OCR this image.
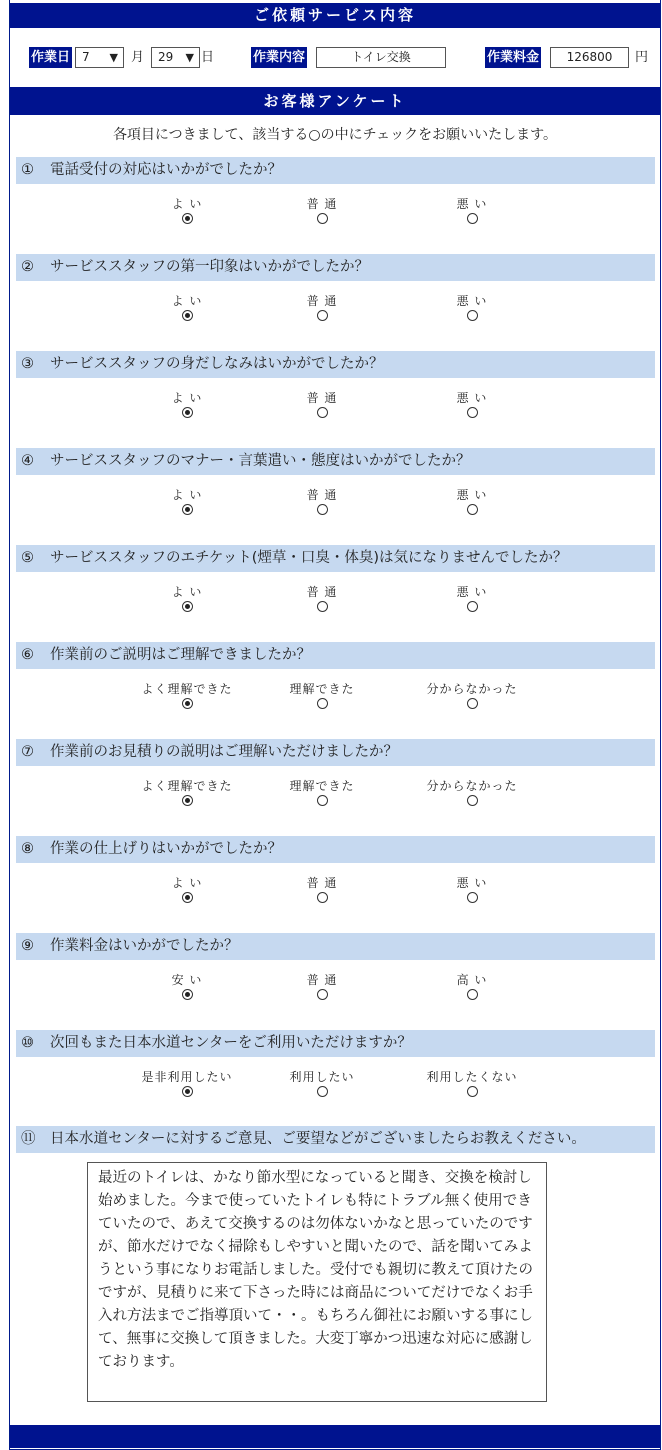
ご依頼サービス内容
作業日 7 ▼ 月	29 ▼ 日	作業内容	トイレ交換	作業料金	126800	円
お客様アンケート
各項目につきまして、該当する○の中にチェックをお願いいたします。
① 電話受付の対応はいかがでしたか？
よ い	普 通	悪 い
② サービススタッフの第一印象はいかがでしたか？
よ い	普 通	悪 い
③ サービススタッフの身だしなみはいかがでしたか？
よ い	普 通	悪 い
④ サービススタッフのマナー・言葉遣い・態度はいかがでしたか？
よ い	普 通	悪 い
⑤ サービススタッフのエチケット(煙草・口臭・体臭)は気になりませんでしたか？
よ い	普 通	悪 い
⑥ 作業前のご説明はご理解できましたか？
よく理解できた	理解できた	分からなかった
⑦ 作業前のお見積りの説明はご理解いただけましたか？
よく理解できた	理解できた	分からなかった
⑧ 作業の仕上げりはいかがでしたか？
よ い	普 通	悪 い
⑨ 作業料金はいかがでしたか？
安 い	普 通	高 い
⑩ 次回もまた日本水道センターをご利用いただけますか？
是非利用したい	利用したい	利用したくない
⑪ 日本水道センターに対するご意見、ご要望などがございましたらお教えください。
最近のトイレは、かなり節水型になっていると聞き、交換を検討し始めました。今まで使っていたトイレも特にトラブル無く使用できていたので、あえて交換するのは勿体ないかなと思っていたのですが、節水だけでなく掃除もしやすいと聞いたので、話を聞いてみようという事になりお電話しました。受付でも親切に教えて頂けたのですが、見積りに来て下さった時には商品についてだけでなくお手入れ方法までご指導頂いて・・。もちろん御社にお願いする事にして、無事に交換して頂きました。大変丁寧かつ迅速な対応に感謝しております。
